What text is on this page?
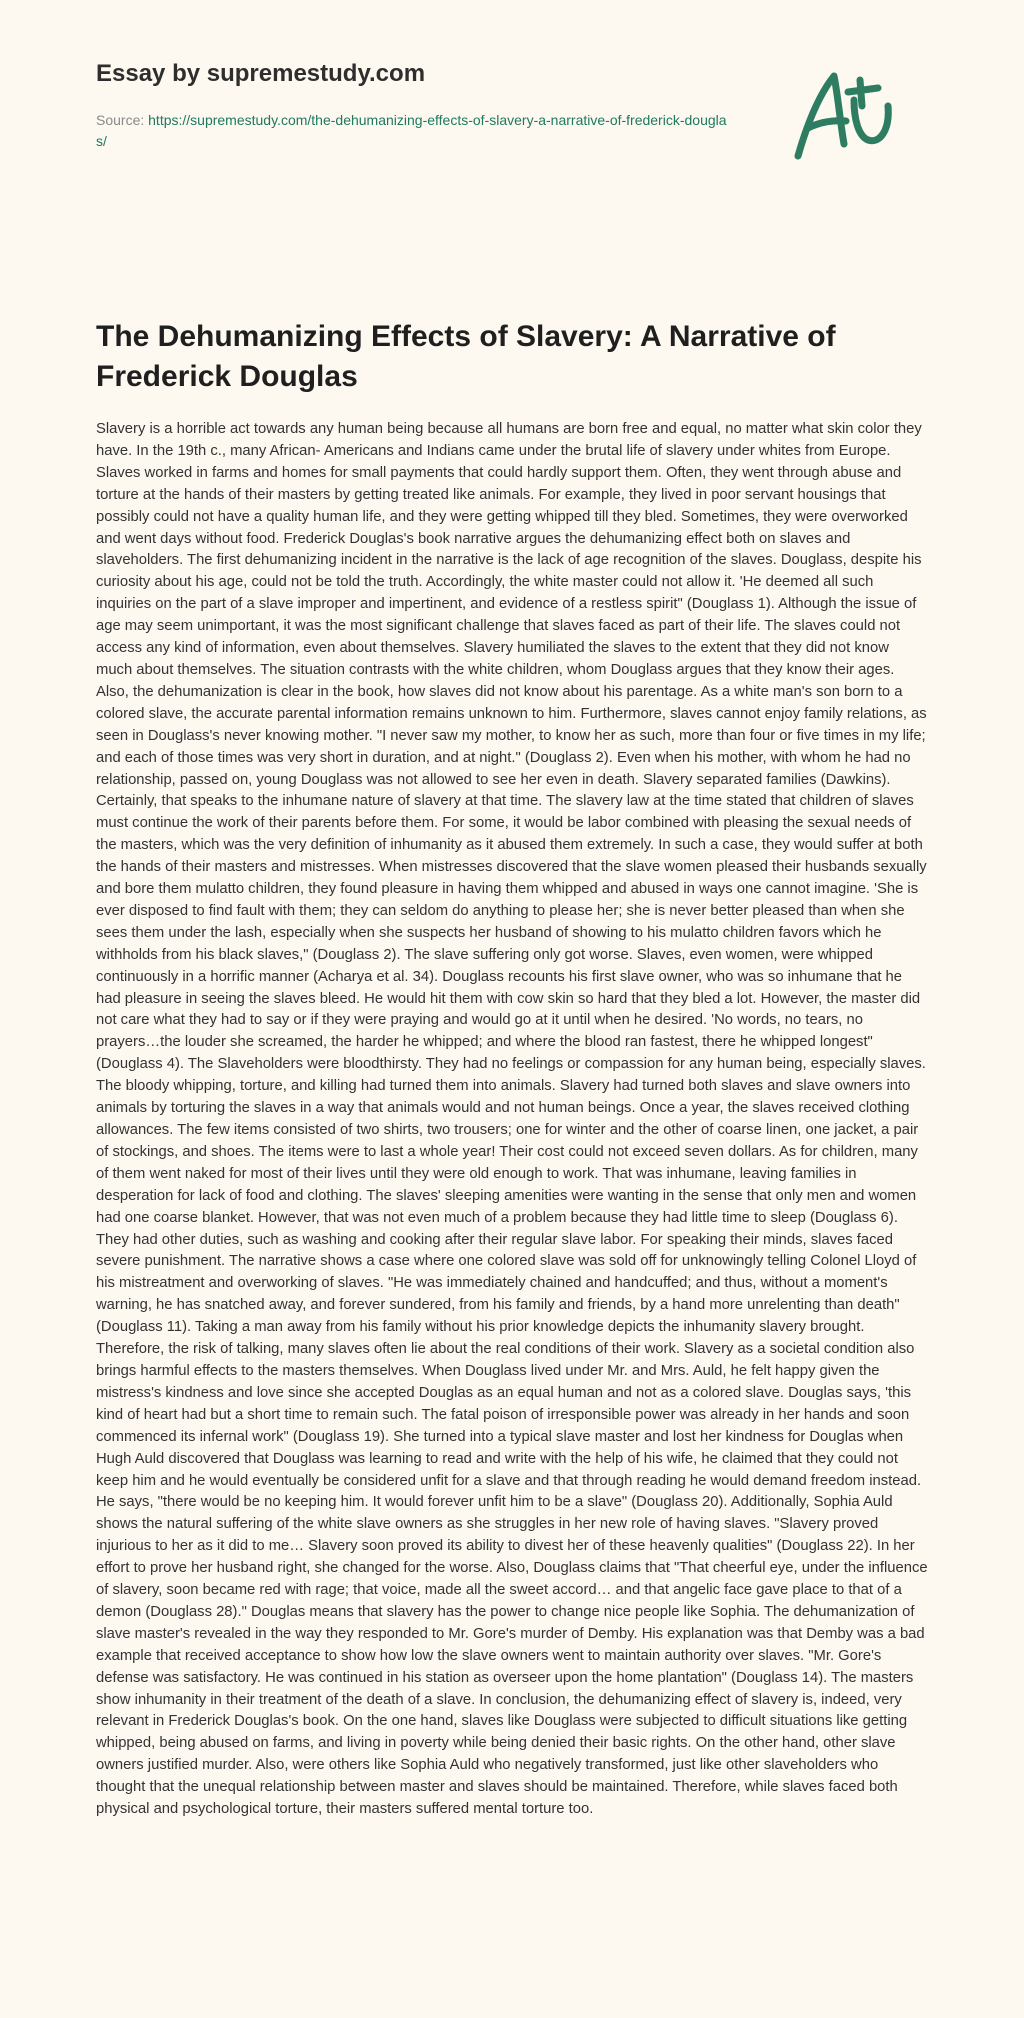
Essay by supremestudy.com
Source: https://supremestudy.com/the-dehumanizing-effects-of-slavery-a-narrative-of-frederick-douglas/
The Dehumanizing Effects of Slavery: A Narrative of Frederick Douglas

Slavery is a horrible act towards any human being because all humans are born free and equal, no matter what skin color they have. In the 19th c., many African- Americans and Indians came under the brutal life of slavery under whites from Europe. Slaves worked in farms and homes for small payments that could hardly support them. Often, they went through abuse and torture at the hands of their masters by getting treated like animals. For example, they lived in poor servant housings that possibly could not have a quality human life, and they were getting whipped till they bled. Sometimes, they were overworked and went days without food. Frederick Douglas's book narrative argues the dehumanizing effect both on slaves and slaveholders. The first dehumanizing incident in the narrative is the lack of age recognition of the slaves. Douglass, despite his curiosity about his age, could not be told the truth. Accordingly, the white master could not allow it. 'He deemed all such inquiries on the part of a slave improper and impertinent, and evidence of a restless spirit" (Douglass 1). Although the issue of age may seem unimportant, it was the most significant challenge that slaves faced as part of their life. The slaves could not access any kind of information, even about themselves. Slavery humiliated the slaves to the extent that they did not know much about themselves. The situation contrasts with the white children, whom Douglass argues that they know their ages. Also, the dehumanization is clear in the book, how slaves did not know about his parentage. As a white man's son born to a colored slave, the accurate parental information remains unknown to him. Furthermore, slaves cannot enjoy family relations, as seen in Douglass's never knowing mother. "I never saw my mother, to know her as such, more than four or five times in my life; and each of those times was very short in duration, and at night." (Douglass 2). Even when his mother, with whom he had no relationship, passed on, young Douglass was not allowed to see her even in death. Slavery separated families (Dawkins). Certainly, that speaks to the inhumane nature of slavery at that time. The slavery law at the time stated that children of slaves must continue the work of their parents before them. For some, it would be labor combined with pleasing the sexual needs of the masters, which was the very definition of inhumanity as it abused them extremely. In such a case, they would suffer at both the hands of their masters and mistresses. When mistresses discovered that the slave women pleased their husbands sexually and bore them mulatto children, they found pleasure in having them whipped and abused in ways one cannot imagine. 'She is ever disposed to find fault with them; they can seldom do anything to please her; she is never better pleased than when she sees them under the lash, especially when she suspects her husband of showing to his mulatto children favors which he withholds from his black slaves," (Douglass 2). The slave suffering only got worse. Slaves, even women, were whipped continuously in a horrific manner (Acharya et al. 34). Douglass recounts his first slave owner, who was so inhumane that he had pleasure in seeing the slaves bleed. He would hit them with cow skin so hard that they bled a lot. However, the master did not care what they had to say or if they were praying and would go at it until when he desired. 'No words, no tears, no prayers…the louder she screamed, the harder he whipped; and where the blood ran fastest, there he whipped longest" (Douglass 4). The Slaveholders were bloodthirsty. They had no feelings or compassion for any human being, especially slaves. The bloody whipping, torture, and killing had turned them into animals. Slavery had turned both slaves and slave owners into animals by torturing the slaves in a way that animals would and not human beings. Once a year, the slaves received clothing allowances. The few items consisted of two shirts, two trousers; one for winter and the other of coarse linen, one jacket, a pair of stockings, and shoes. The items were to last a whole year! Their cost could not exceed seven dollars. As for children, many of them went naked for most of their lives until they were old enough to work. That was inhumane, leaving families in desperation for lack of food and clothing. The slaves' sleeping amenities were wanting in the sense that only men and women had one coarse blanket. However, that was not even much of a problem because they had little time to sleep (Douglass 6). They had other duties, such as washing and cooking after their regular slave labor. For speaking their minds, slaves faced severe punishment. The narrative shows a case where one colored slave was sold off for unknowingly telling Colonel Lloyd of his mistreatment and overworking of slaves. "He was immediately chained and handcuffed; and thus, without a moment's warning, he has snatched away, and forever sundered, from his family and friends, by a hand more unrelenting than death" (Douglass 11). Taking a man away from his family without his prior knowledge depicts the inhumanity slavery brought. Therefore, the risk of talking, many slaves often lie about the real conditions of their work. Slavery as a societal condition also brings harmful effects to the masters themselves. When Douglass lived under Mr. and Mrs. Auld, he felt happy given the mistress's kindness and love since she accepted Douglas as an equal human and not as a colored slave. Douglas says, 'this kind of heart had but a short time to remain such. The fatal poison of irresponsible power was already in her hands and soon commenced its infernal work" (Douglass 19). She turned into a typical slave master and lost her kindness for Douglas when Hugh Auld discovered that Douglass was learning to read and write with the help of his wife, he claimed that they could not keep him and he would eventually be considered unfit for a slave and that through reading he would demand freedom instead. He says, "there would be no keeping him. It would forever unfit him to be a slave" (Douglass 20). Additionally, Sophia Auld shows the natural suffering of the white slave owners as she struggles in her new role of having slaves. "Slavery proved injurious to her as it did to me… Slavery soon proved its ability to divest her of these heavenly qualities" (Douglass 22). In her effort to prove her husband right, she changed for the worse. Also, Douglass claims that "That cheerful eye, under the influence of slavery, soon became red with rage; that voice, made all the sweet accord… and that angelic face gave place to that of a demon (Douglass 28)." Douglas means that slavery has the power to change nice people like Sophia. The dehumanization of slave master's revealed in the way they responded to Mr. Gore's murder of Demby. His explanation was that Demby was a bad example that received acceptance to show how low the slave owners went to maintain authority over slaves. "Mr. Gore's defense was satisfactory. He was continued in his station as overseer upon the home plantation" (Douglass 14). The masters show inhumanity in their treatment of the death of a slave. In conclusion, the dehumanizing effect of slavery is, indeed, very relevant in Frederick Douglas's book. On the one hand, slaves like Douglass were subjected to difficult situations like getting whipped, being abused on farms, and living in poverty while being denied their basic rights. On the other hand, other slave owners justified murder. Also, were others like Sophia Auld who negatively transformed, just like other slaveholders who thought that the unequal relationship between master and slaves should be maintained. Therefore, while slaves faced both physical and psychological torture, their masters suffered mental torture too.
